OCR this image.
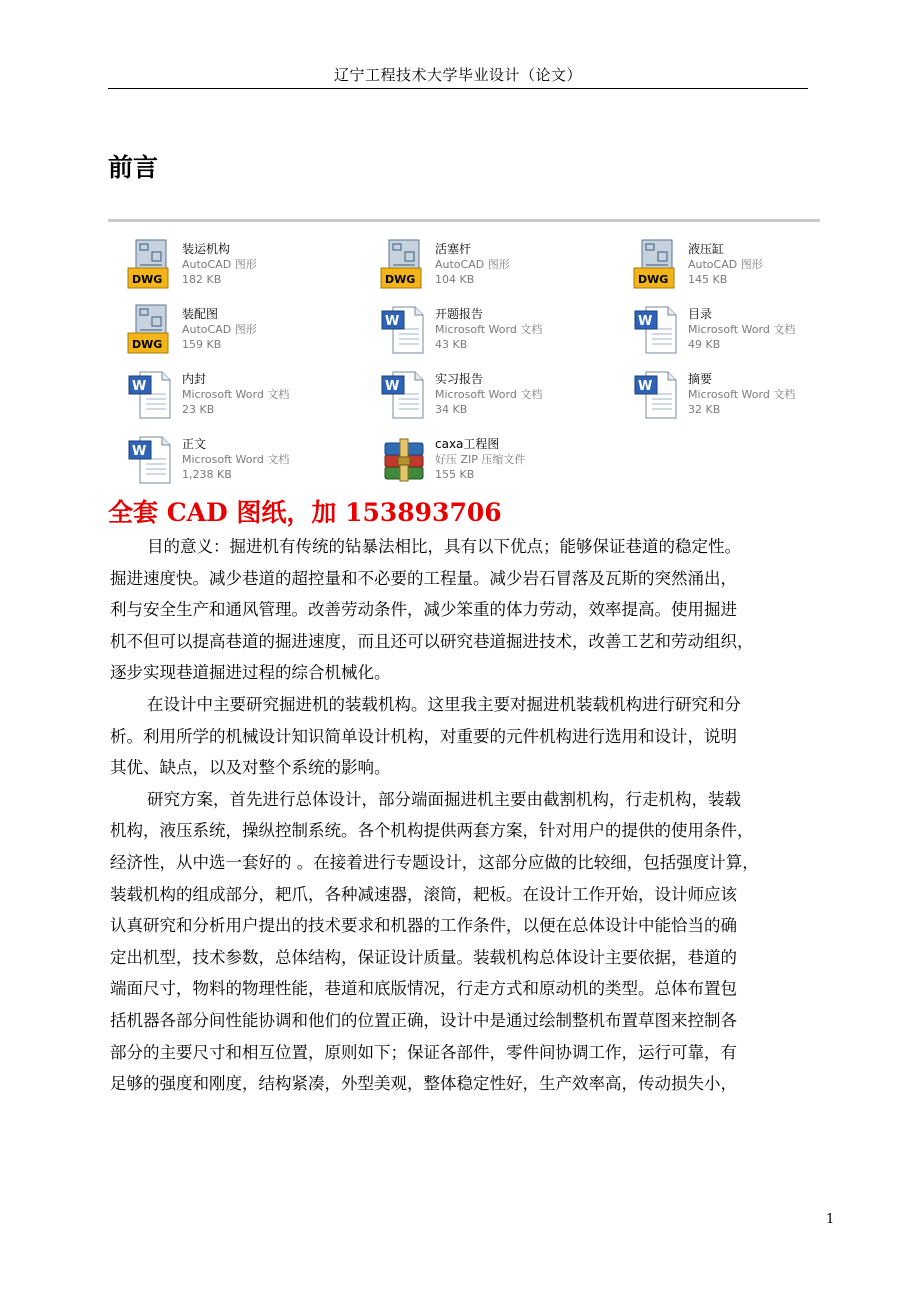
辽宁工程技术大学毕业设计（论文）
前言
DWG
装运机构
AutoCAD 图形
182 KB	DWG
活塞杆
AutoCAD 图形
104 KB	DWG
液压缸
AutoCAD 图形
145 KB
DWG
装配图
AutoCAD 图形
159 KB
W	开题报告
Microsoft Word 文档
43 KB
W	目录
Microsoft Word 文档
49 KB
W	内封
Microsoft Word 文档
23 KB
W	实习报告
Microsoft Word 文档
34 KB
W	摘要
Microsoft Word 文档
32 KB
W	正文
Microsoft Word 文档
1,238 KB
caxa工程图
好压 ZIP 压缩文件
155 KB
全套 CAD 图纸，加 153893706

目的意义：掘进机有传统的钻暴法相比，具有以下优点；能够保证巷道的稳定性。
掘进速度快。减少巷道的超控量和不必要的工程量。减少岩石冒落及瓦斯的突然涌出，
利与安全生产和通风管理。改善劳动条件，减少笨重的体力劳动，效率提高。使用掘进
机不但可以提高巷道的掘进速度，而且还可以研究巷道掘进技术，改善工艺和劳动组织，
逐步实现巷道掘进过程的综合机械化。

在设计中主要研究掘进机的装载机构。这里我主要对掘进机装载机构进行研究和分
析。利用所学的机械设计知识简单设计机构，对重要的元件机构进行选用和设计，说明
其优、缺点，以及对整个系统的影响。

研究方案，首先进行总体设计，部分端面掘进机主要由截割机构，行走机构，装载
机构，液压系统，操纵控制系统。各个机构提供两套方案，针对用户的提供的使用条件，
经济性，从中选一套好的 。在接着进行专题设计，这部分应做的比较细，包括强度计算，
装载机构的组成部分，耙爪，各种减速器，滚筒，耙板。在设计工作开始，设计师应该
认真研究和分析用户提出的技术要求和机器的工作条件，以便在总体设计中能恰当的确
定出机型，技术参数，总体结构，保证设计质量。装载机构总体设计主要依据，巷道的
端面尺寸，物料的物理性能，巷道和底版情况，行走方式和原动机的类型。总体布置包
括机器各部分间性能协调和他们的位置正确，设计中是通过绘制整机布置草图来控制各
部分的主要尺寸和相互位置，原则如下；保证各部件，零件间协调工作，运行可靠，有
足够的强度和刚度，结构紧凑，外型美观，整体稳定性好，生产效率高，传动损失小，

1
